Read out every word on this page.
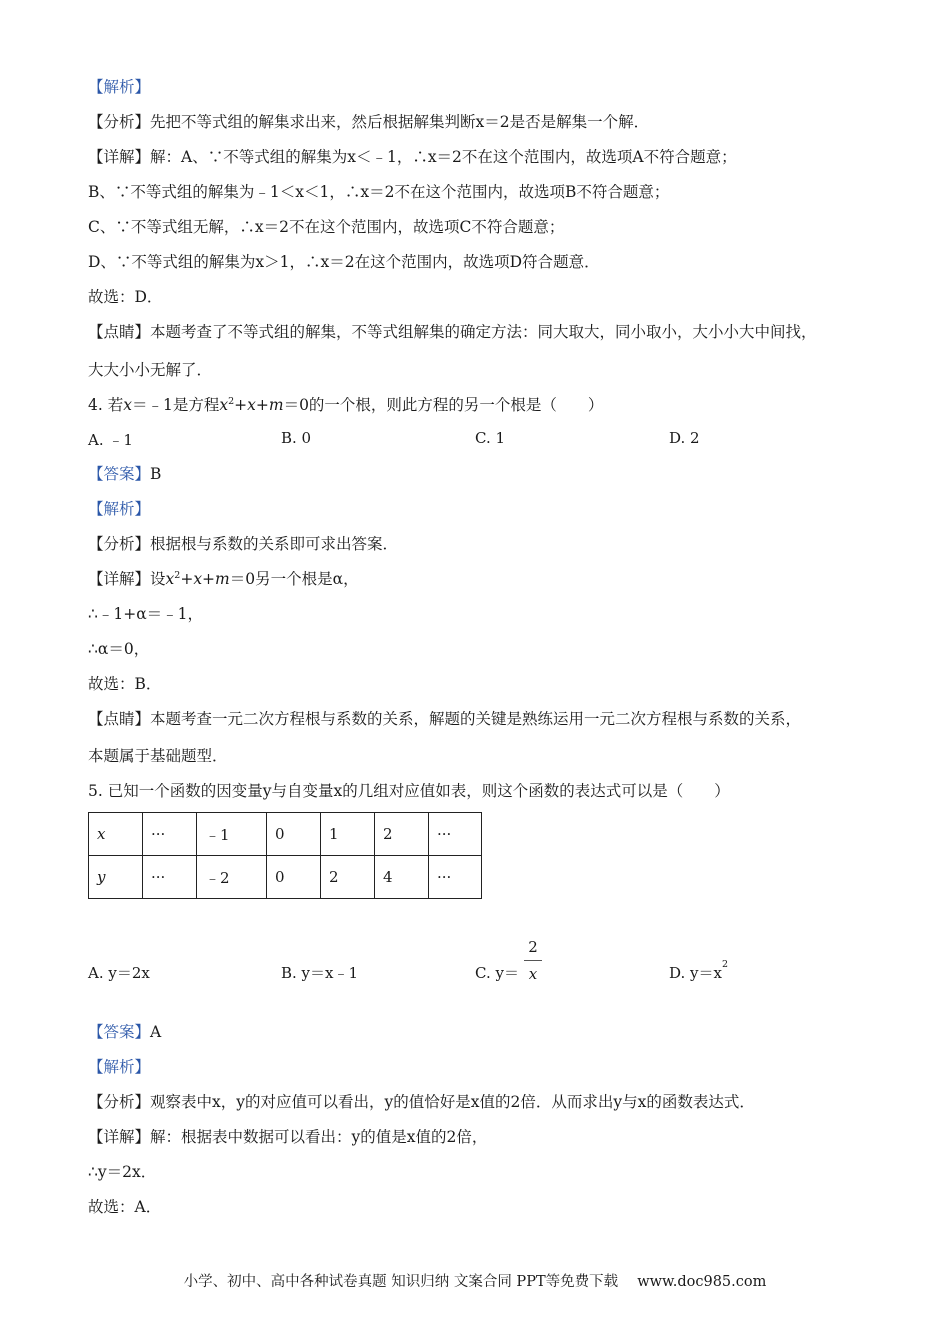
【解析】
【分析】先把不等式组的解集求出来，然后根据解集判断x＝2是否是解集一个解．
【详解】解：A、∵不等式组的解集为x＜﹣1，∴x＝2不在这个范围内，故选项A不符合题意；
B、∵不等式组的解集为﹣1＜x＜1，∴x＝2不在这个范围内，故选项B不符合题意；
C、∵不等式组无解，∴x＝2不在这个范围内，故选项C不符合题意；
D、∵不等式组的解集为x＞1，∴x＝2在这个范围内，故选项D符合题意．
故选：D．
【点睛】本题考查了不等式组的解集，不等式组解集的确定方法：同大取大，同小取小，大小小大中间找，
大大小小无解了．
4. 若x＝﹣1是方程$x^2+x+m=0$的一个根，则此方程的另一个根是（　　）
A. ﹣1	B. 0	C. 1	D. 2
【答案】B
【解析】
【分析】根据根与系数的关系即可求出答案．
【详解】设$x^2+x+m=0$另一个根是α，
∴﹣1+α＝﹣1，
∴α＝0，
故选：B．
【点睛】本题考查一元二次方程根与系数的关系，解题的关键是熟练运用一元二次方程根与系数的关系，
本题属于基础题型．
5. 已知一个函数的因变量y与自变量x的几组对应值如表，则这个函数的表达式可以是（　　）
x	···	﹣1	0	1	2	···
y	···	﹣2	0	2	4	···
A. y＝2x	B. y＝x﹣1	C. y＝	D. $y=x^2$
2
x
【答案】A
【解析】
【分析】观察表中x，y的对应值可以看出，y的值恰好是x值的2倍．从而求出y与x的函数表达式．
【详解】解：根据表中数据可以看出：y的值是x值的2倍，
∴y＝2x．
故选：A．
小学、初中、高中各种试卷真题 知识归纳 文案合同 PPT等免费下载　 www.doc985.com
